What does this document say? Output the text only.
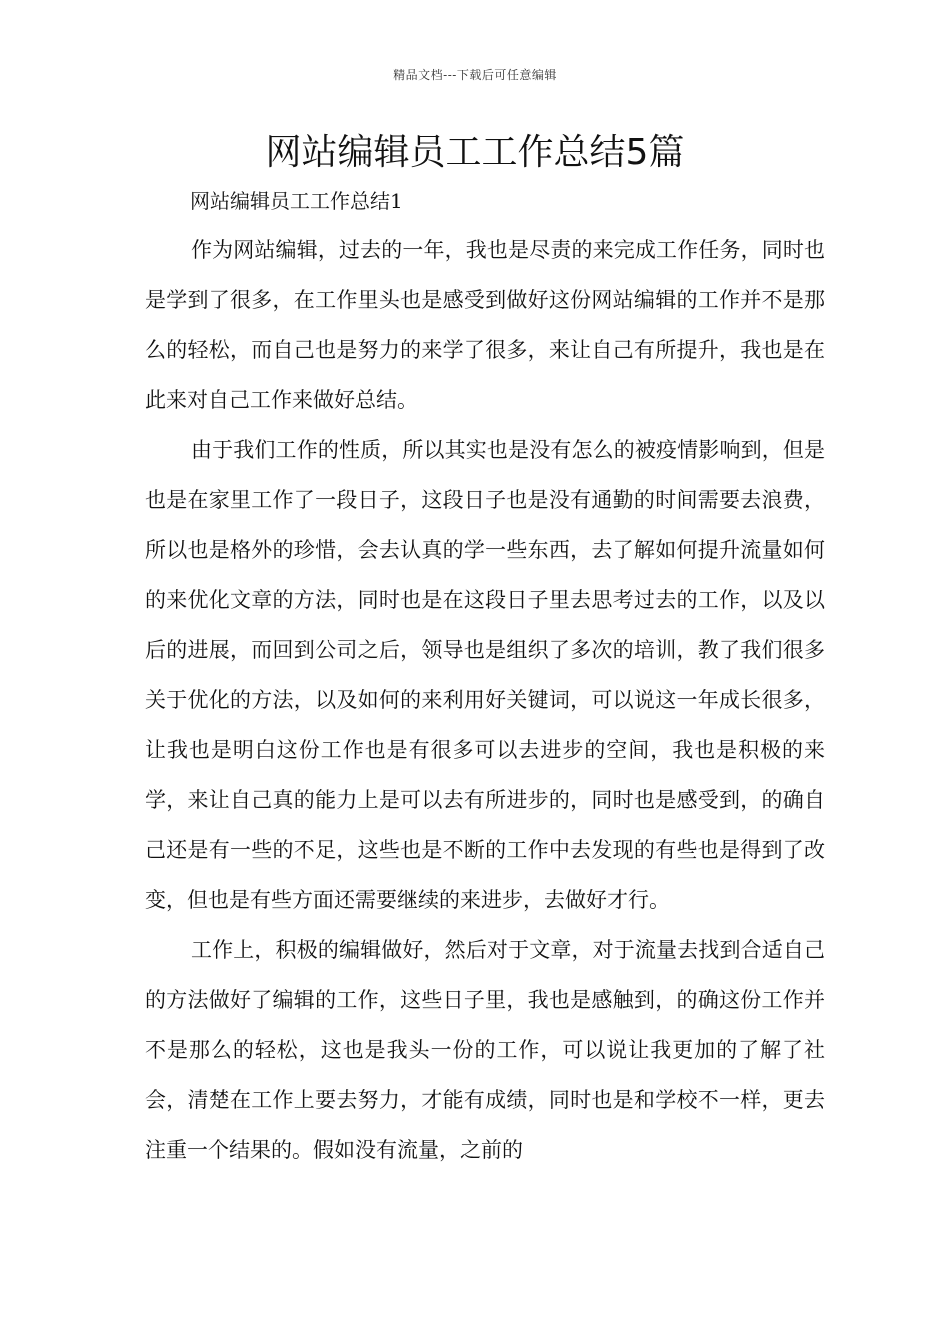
精品文档---下载后可任意编辑
网站编辑员工工作总结5篇
网站编辑员工工作总结1

作为网站编辑，过去的一年，我也是尽责的来完成工作任务，同时也是学到了很多，在工作里头也是感受到做好这份网站编辑的工作并不是那么的轻松，而自己也是努力的来学了很多，来让自己有所提升，我也是在此来对自己工作来做好总结。

由于我们工作的性质，所以其实也是没有怎么的被疫情影响到，但是也是在家里工作了一段日子，这段日子也是没有通勤的时间需要去浪费，所以也是格外的珍惜，会去认真的学一些东西，去了解如何提升流量如何的来优化文章的方法，同时也是在这段日子里去思考过去的工作，以及以后的进展，而回到公司之后，领导也是组织了多次的培训，教了我们很多关于优化的方法，以及如何的来利用好关键词，可以说这一年成长很多，让我也是明白这份工作也是有很多可以去进步的空间，我也是积极的来学，来让自己真的能力上是可以去有所进步的，同时也是感受到，的确自己还是有一些的不足，这些也是不断的工作中去发现的有些也是得到了改变，但也是有些方面还需要继续的来进步，去做好才行。

工作上，积极的编辑做好，然后对于文章，对于流量去找到合适自己的方法做好了编辑的工作，这些日子里，我也是感触到，的确这份工作并不是那么的轻松，这也是我头一份的工作，可以说让我更加的了解了社会，清楚在工作上要去努力，才能有成绩，同时也是和学校不一样，更去注重一个结果的。假如没有流量，之前的
